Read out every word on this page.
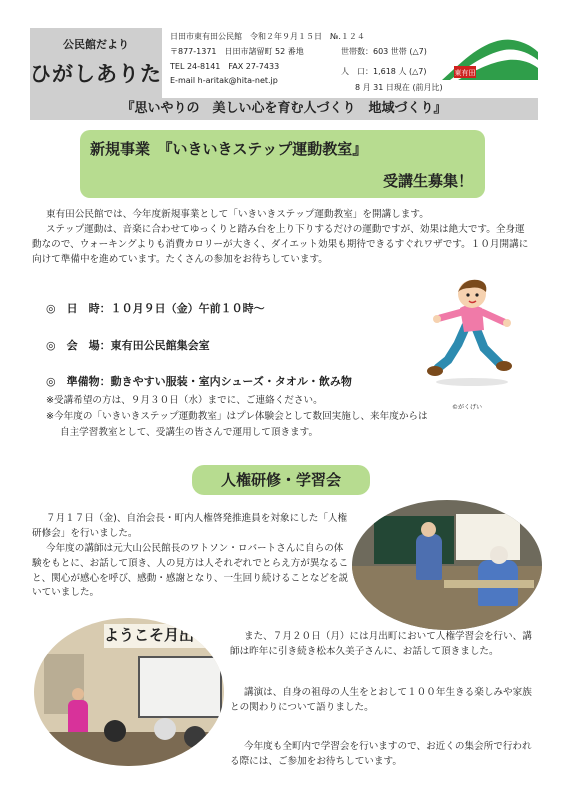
公民館だより
ひがしありた
日田市東有田公民館　令和２年９月１５日　№.１２４
〒877-1371　日田市諸留町 52 番地
TEL 24-8141　FAX 27-7433
E-mail h-aritak@hita-net.jp
世帯数：603 世帯 (△7)
人　口：1,618 人 (△7)
8 月 31 日現在 (前月比)
東有田
『思いやりの　美しい心を育む人づくり　地域づくり』
新規事業　『いきいきステップ運動教室』
受講生募集！
東有田公民館では、今年度新規事業として「いきいきステップ運動教室」を開講します。
ステップ運動は、音楽に合わせてゆっくりと踏み台を上り下りするだけの運動ですが、効果は絶大です。全身運動なので、ウォーキングよりも消費カロリーが大きく、ダイエット効果も期待できるすぐれワザです。１０月開講に向けて準備中を進めています。たくさんの参加をお待ちしています。
◎　日　時：１０月９日（金）午前１０時～
◎　会　場：東有田公民館集会室
◎　準備物：動きやすい服装・室内シューズ・タオル・飲み物
※受講希望の方は、９月３０日（水）までに、ご連絡ください。
※今年度の「いきいきステップ運動教室」はプレ体験会として数回実施し、来年度からは
自主学習教室として、受講生の皆さんで運用して頂きます。
©がくげい
人権研修・学習会
７月１７日（金)、自治会長・町内人権啓発推進員を対象にした「人権研修会」を行いました。
今年度の講師は元大山公民館長のワトソン・ロバートさんに自らの体験をもとに、お話して頂き、人の見方は人それぞれでとらえ方が異なること、関心が感心を呼び、感動・感謝となり、一生回り続けることなどを説いていました。
ようこそ月出	また、７月２０日（月）には月出町において人権学習会を行い、講師は昨年に引き続き松本久美子さんに、お話して頂きました。
講演は、自身の祖母の人生をとおして１００年生きる楽しみや家族との関わりについて語りました。
今年度も全町内で学習会を行いますので、お近くの集会所で行われる際には、ご参加をお待ちしています。
